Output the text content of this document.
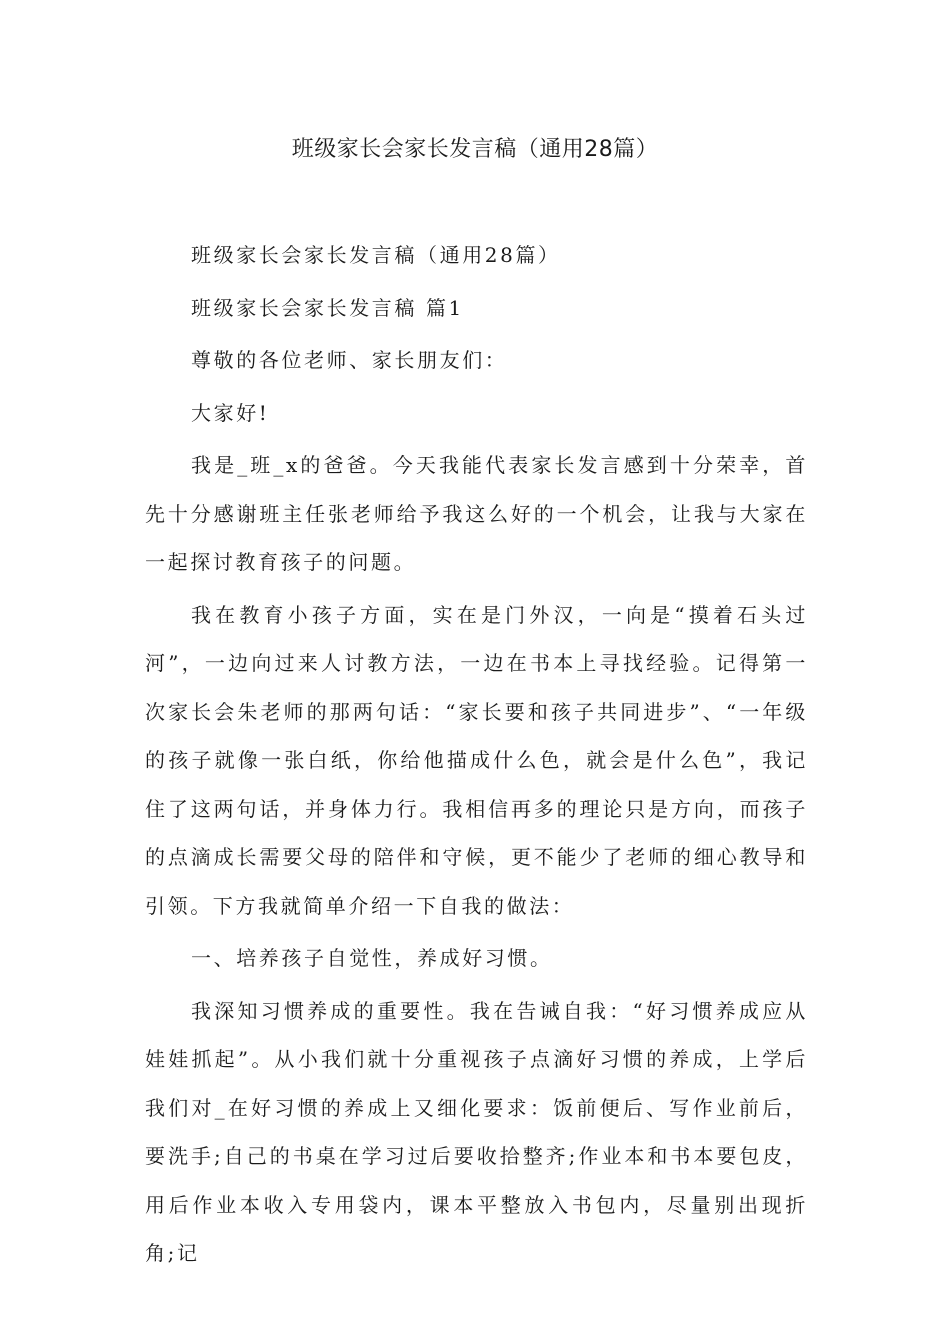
班级家长会家长发言稿（通用28篇）

班级家长会家长发言稿（通用28篇）

班级家长会家长发言稿 篇1

尊敬的各位老师、家长朋友们：

大家好!

我是_班_x的爸爸。今天我能代表家长发言感到十分荣幸，首先十分感谢班主任张老师给予我这么好的一个机会，让我与大家在一起探讨教育孩子的问题。

我在教育小孩子方面，实在是门外汉，一向是“摸着石头过河”，一边向过来人讨教方法，一边在书本上寻找经验。记得第一次家长会朱老师的那两句话：“家长要和孩子共同进步”、“一年级的孩子就像一张白纸，你给他描成什么色，就会是什么色”，我记住了这两句话，并身体力行。我相信再多的理论只是方向，而孩子的点滴成长需要父母的陪伴和守候，更不能少了老师的细心教导和引领。下方我就简单介绍一下自我的做法：

一、培养孩子自觉性，养成好习惯。

我深知习惯养成的重要性。我在告诫自我：“好习惯养成应从娃娃抓起”。从小我们就十分重视孩子点滴好习惯的养成，上学后我们对_在好习惯的养成上又细化要求：饭前便后、写作业前后，要洗手;自己的书桌在学习过后要收拾整齐;作业本和书本要包皮，用后作业本收入专用袋内，课本平整放入书包内，尽量别出现折角;记
